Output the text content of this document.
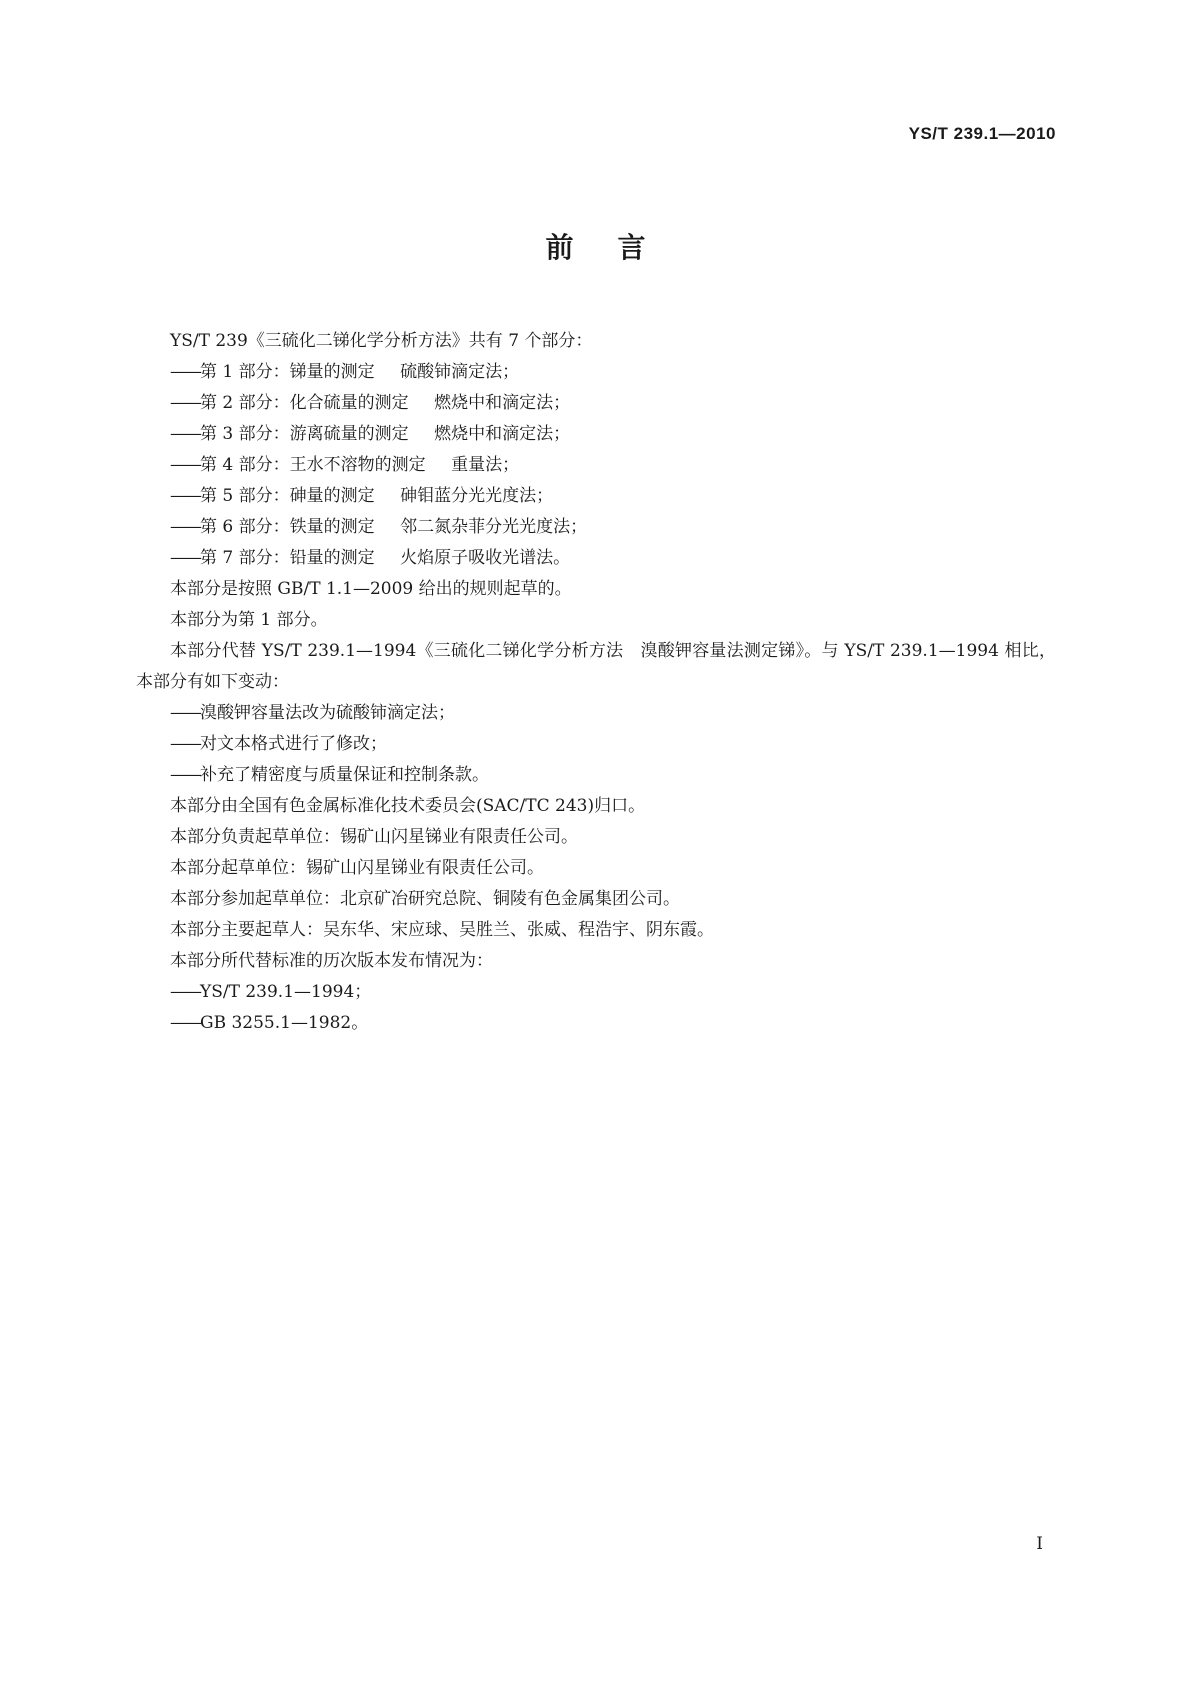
YS/T 239.1—2010
前言

YS/T 239《三硫化二锑化学分析方法》共有 7 个部分：

——第 1 部分：锑量的测定 硫酸铈滴定法；

——第 2 部分：化合硫量的测定 燃烧中和滴定法；

——第 3 部分：游离硫量的测定 燃烧中和滴定法；

——第 4 部分：王水不溶物的测定 重量法；

——第 5 部分：砷量的测定 砷钼蓝分光光度法；

——第 6 部分：铁量的测定 邻二氮杂菲分光光度法；

——第 7 部分：铅量的测定 火焰原子吸收光谱法。

本部分是按照 GB/T 1.1—2009 给出的规则起草的。

本部分为第 1 部分。

本部分代替 YS/T 239.1—1994《三硫化二锑化学分析方法　溴酸钾容量法测定锑》。与 YS/T 239.1—1994 相比，本部分有如下变动：

——溴酸钾容量法改为硫酸铈滴定法；

——对文本格式进行了修改；

——补充了精密度与质量保证和控制条款。

本部分由全国有色金属标准化技术委员会(SAC/TC 243)归口。

本部分负责起草单位：锡矿山闪星锑业有限责任公司。

本部分起草单位：锡矿山闪星锑业有限责任公司。

本部分参加起草单位：北京矿冶研究总院、铜陵有色金属集团公司。

本部分主要起草人：吴东华、宋应球、吴胜兰、张威、程浩宇、阴东霞。

本部分所代替标准的历次版本发布情况为：

——YS/T 239.1—1994；

——GB 3255.1—1982。

I
